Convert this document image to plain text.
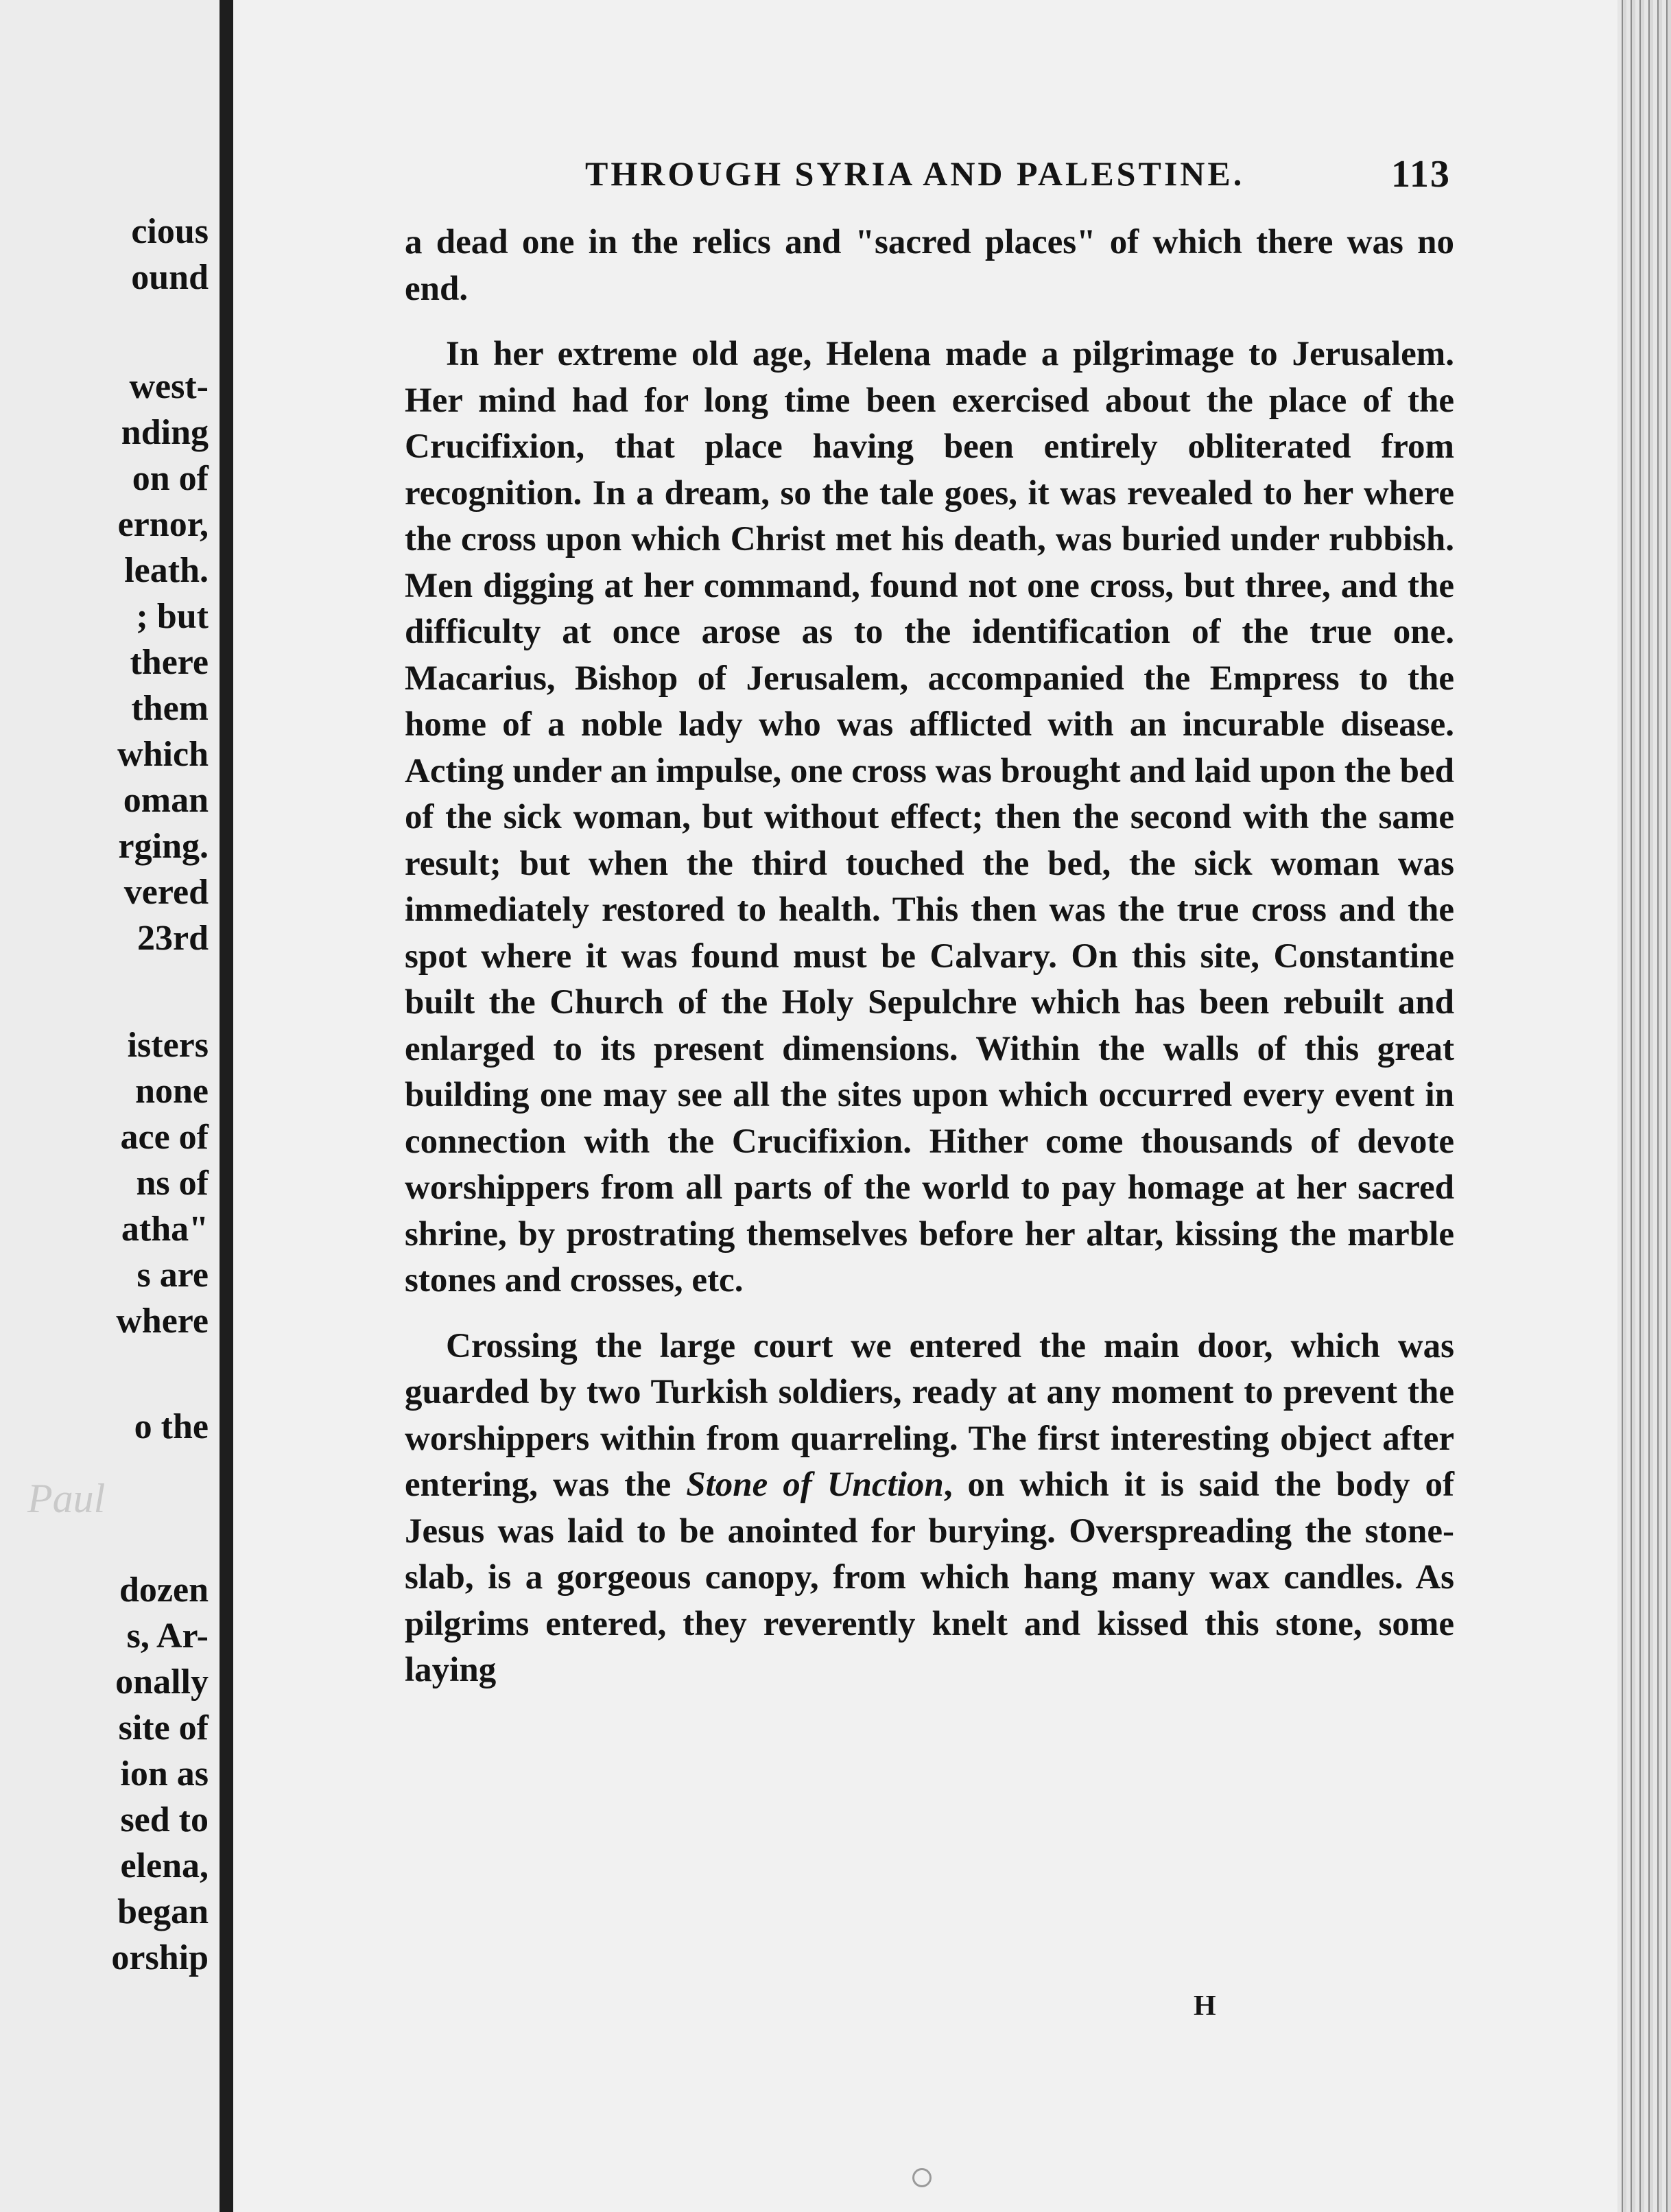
cious
ound
west-
nding
on of
ernor,
leath.
; but
there
them
which
oman
rging.
vered
23rd
isters
none
ace of
ns of
atha"
s are
where
o the
Paul
dozen
s, Ar-
onally
site of
ion as
sed to
elena,
began
orship
THROUGH SYRIA AND PALESTINE.	113

a dead one in the relics and "sacred places" of which there was no end.

In her extreme old age, Helena made a pilgrimage to Jerusalem. Her mind had for long time been exercised about the place of the Crucifixion, that place having been entirely obliterated from recognition. In a dream, so the tale goes, it was revealed to her where the cross upon which Christ met his death, was buried under rubbish. Men digging at her command, found not one cross, but three, and the difficulty at once arose as to the identification of the true one. Macarius, Bishop of Jerusalem, accompanied the Empress to the home of a noble lady who was afflicted with an incurable disease. Acting under an impulse, one cross was brought and laid upon the bed of the sick woman, but without effect; then the second with the same result; but when the third touched the bed, the sick woman was immediately restored to health. This then was the true cross and the spot where it was found must be Calvary. On this site, Constantine built the Church of the Holy Sepulchre which has been rebuilt and enlarged to its present dimensions. Within the walls of this great building one may see all the sites upon which occurred every event in connection with the Crucifixion. Hither come thousands of devote worshippers from all parts of the world to pay homage at her sacred shrine, by prostrating themselves before her altar, kissing the marble stones and crosses, etc.

Crossing the large court we entered the main door, which was guarded by two Turkish soldiers, ready at any moment to prevent the worshippers within from quarreling. The first interesting object after entering, was the Stone of Unction, on which it is said the body of Jesus was laid to be anointed for burying. Overspreading the stone-slab, is a gorgeous canopy, from which hang many wax candles. As pilgrims entered, they reverently knelt and kissed this stone, some laying

H
